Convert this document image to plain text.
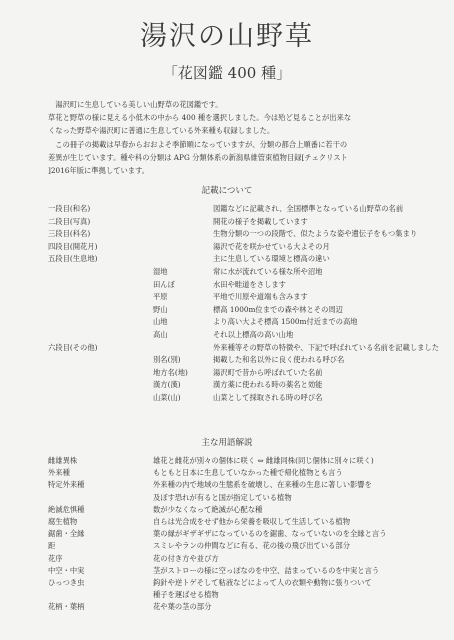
湯沢の山野草
「花図鑑 400 種」
湯沢町に生息している美しい山野草の花図鑑です。
草花と野草の様に見える小低木の中から 400 種を選択しました。今は殆ど見ることが出来な
くなった野草や湯沢町に普通に生息している外来種も収録しました。
この冊子の掲載は早春からおおよそ季節順になっていますが、分類の都合上順番に若干の
差異が生じています。種や科の分類は APG 分類体系の新潟県維管束植物目録[チェクリスト
]2016年版に準拠しています。
記載について
一段目(和名)	図鑑などに記載され、全国標準となっている山野草の名前
二段目(写真)	開花の様子を掲載しています
三段目(科名)	生物分類の一つの段階で、似たような姿や遺伝子をもつ集まり
四段目(開花月)	湯沢で花を咲かせている大よその月
五段目(生息地)	主に生息している環境と標高の違い
湿地	常に水が流れている様な所や沼地
田んぼ	水田や畦道をさします
平原	平地で川原や道端も含みます
野山	標高 1000m位までの森や林とその周辺
山地	より高い大よそ標高 1500m付近までの高地
高山	それ以上標高の高い山地
六段目(その他)	外来種等その野草の特徴や、下記で呼ばれている名前を記載しました
別名(別)	掲載した和名以外に良く使われる呼び名
地方名(地)	湯沢町で昔から呼ばれていた名前
漢方(漢)	漢方薬に使われる時の薬名と効能
山菜(山)	山菜として採取される時の呼び名
主な用語解説
雌雄異株	雄花と雌花が別々の個体に咲く ⇔ 雌雄同株(同じ個体に別々に咲く)
外来種	もともと日本に生息していなかった種で帰化植物とも言う
特定外来種	外来種の内で地域の生態系を破壊し、在来種の生息に著しい影響を
及ぼす恐れが有ると国が指定している植物
絶滅危惧種	数が少なくなって絶滅が心配な種
腐生植物	自らは光合成をせず他から栄養を吸収して生活している植物
鋸歯・全縁	葉の縁がギザギザになっているのを鋸歯、なっていないのを全縁と言う
距	スミレやランの仲間などに有る、花の後の飛び出ている部分
花序	花の付き方や並び方
中空・中実	茎がストローの様に空っぽなのを中空、詰まっているのを中実と言う
ひっつき虫	鈎針や逆トゲそして粘液などによって人の衣類や動物に張りついて
種子を運ばせる植物
花柄・葉柄	花や葉の茎の部分
